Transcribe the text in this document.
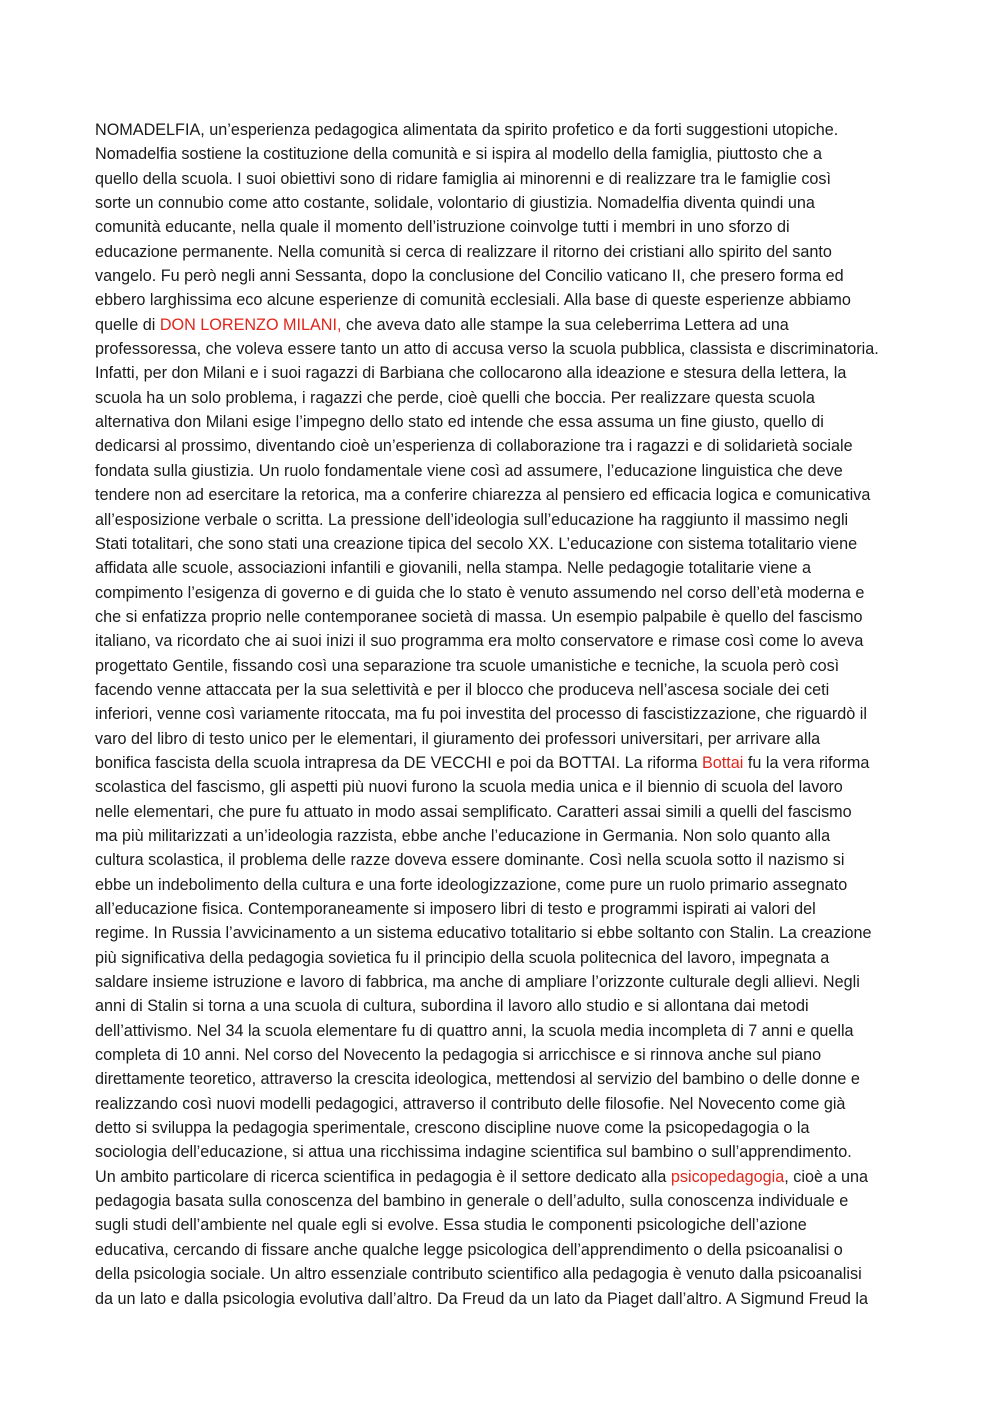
NOMADELFIA, un’esperienza pedagogica alimentata da spirito profetico e da forti suggestioni utopiche.
Nomadelfia sostiene la costituzione della comunità e si ispira al modello della famiglia, piuttosto che a
quello della scuola. I suoi obiettivi sono di ridare famiglia ai minorenni e di realizzare tra le famiglie così
sorte un connubio come atto costante, solidale, volontario di giustizia. Nomadelfia diventa quindi una
comunità educante, nella quale il momento dell’istruzione coinvolge tutti i membri in uno sforzo di
educazione permanente. Nella comunità si cerca di realizzare il ritorno dei cristiani allo spirito del santo
vangelo. Fu però negli anni Sessanta, dopo la conclusione del Concilio vaticano II, che presero forma ed
ebbero larghissima eco alcune esperienze di comunità ecclesiali. Alla base di queste esperienze abbiamo
quelle di DON LORENZO MILANI, che aveva dato alle stampe la sua celeberrima Lettera ad una
professoressa, che voleva essere tanto un atto di accusa verso la scuola pubblica, classista e discriminatoria.
Infatti, per don Milani e i suoi ragazzi di Barbiana che collocarono alla ideazione e stesura della lettera, la
scuola ha un solo problema, i ragazzi che perde, cioè quelli che boccia. Per realizzare questa scuola
alternativa don Milani esige l’impegno dello stato ed intende che essa assuma un fine giusto, quello di
dedicarsi al prossimo, diventando cioè un’esperienza di collaborazione tra i ragazzi e di solidarietà sociale
fondata sulla giustizia. Un ruolo fondamentale viene così ad assumere, l’educazione linguistica che deve
tendere non ad esercitare la retorica, ma a conferire chiarezza al pensiero ed efficacia logica e comunicativa
all’esposizione verbale o scritta. La pressione dell’ideologia sull’educazione ha raggiunto il massimo negli
Stati totalitari, che sono stati una creazione tipica del secolo XX. L’educazione con sistema totalitario viene
affidata alle scuole, associazioni infantili e giovanili, nella stampa. Nelle pedagogie totalitarie viene a
compimento l’esigenza di governo e di guida che lo stato è venuto assumendo nel corso dell’età moderna e
che si enfatizza proprio nelle contemporanee società di massa. Un esempio palpabile è quello del fascismo
italiano, va ricordato che ai suoi inizi il suo programma era molto conservatore e rimase così come lo aveva
progettato Gentile, fissando così una separazione tra scuole umanistiche e tecniche, la scuola però così
facendo venne attaccata per la sua selettività e per il blocco che produceva nell’ascesa sociale dei ceti
inferiori, venne così variamente ritoccata, ma fu poi investita del processo di fascistizzazione, che riguardò il
varo del libro di testo unico per le elementari, il giuramento dei professori universitari, per arrivare alla
bonifica fascista della scuola intrapresa da DE VECCHI e poi da BOTTAI. La riforma Bottai fu la vera riforma
scolastica del fascismo, gli aspetti più nuovi furono la scuola media unica e il biennio di scuola del lavoro
nelle elementari, che pure fu attuato in modo assai semplificato. Caratteri assai simili a quelli del fascismo
ma più militarizzati a un’ideologia razzista, ebbe anche l’educazione in Germania. Non solo quanto alla
cultura scolastica, il problema delle razze doveva essere dominante. Così nella scuola sotto il nazismo si
ebbe un indebolimento della cultura e una forte ideologizzazione, come pure un ruolo primario assegnato
all’educazione fisica. Contemporaneamente si imposero libri di testo e programmi ispirati ai valori del
regime. In Russia l’avvicinamento a un sistema educativo totalitario si ebbe soltanto con Stalin. La creazione
più significativa della pedagogia sovietica fu il principio della scuola politecnica del lavoro, impegnata a
saldare insieme istruzione e lavoro di fabbrica, ma anche di ampliare l’orizzonte culturale degli allievi. Negli
anni di Stalin si torna a una scuola di cultura, subordina il lavoro allo studio e si allontana dai metodi
dell’attivismo. Nel 34 la scuola elementare fu di quattro anni, la scuola media incompleta di 7 anni e quella
completa di 10 anni. Nel corso del Novecento la pedagogia si arricchisce e si rinnova anche sul piano
direttamente teoretico, attraverso la crescita ideologica, mettendosi al servizio del bambino o delle donne e
realizzando così nuovi modelli pedagogici, attraverso il contributo delle filosofie. Nel Novecento come già
detto si sviluppa la pedagogia sperimentale, crescono discipline nuove come la psicopedagogia o la
sociologia dell’educazione, si attua una ricchissima indagine scientifica sul bambino o sull’apprendimento.
Un ambito particolare di ricerca scientifica in pedagogia è il settore dedicato alla psicopedagogia, cioè a una
pedagogia basata sulla conoscenza del bambino in generale o dell’adulto, sulla conoscenza individuale e
sugli studi dell’ambiente nel quale egli si evolve. Essa studia le componenti psicologiche dell’azione
educativa, cercando di fissare anche qualche legge psicologica dell’apprendimento o della psicoanalisi o
della psicologia sociale. Un altro essenziale contributo scientifico alla pedagogia è venuto dalla psicoanalisi
da un lato e dalla psicologia evolutiva dall’altro. Da Freud da un lato da Piaget dall’altro. A Sigmund Freud la
